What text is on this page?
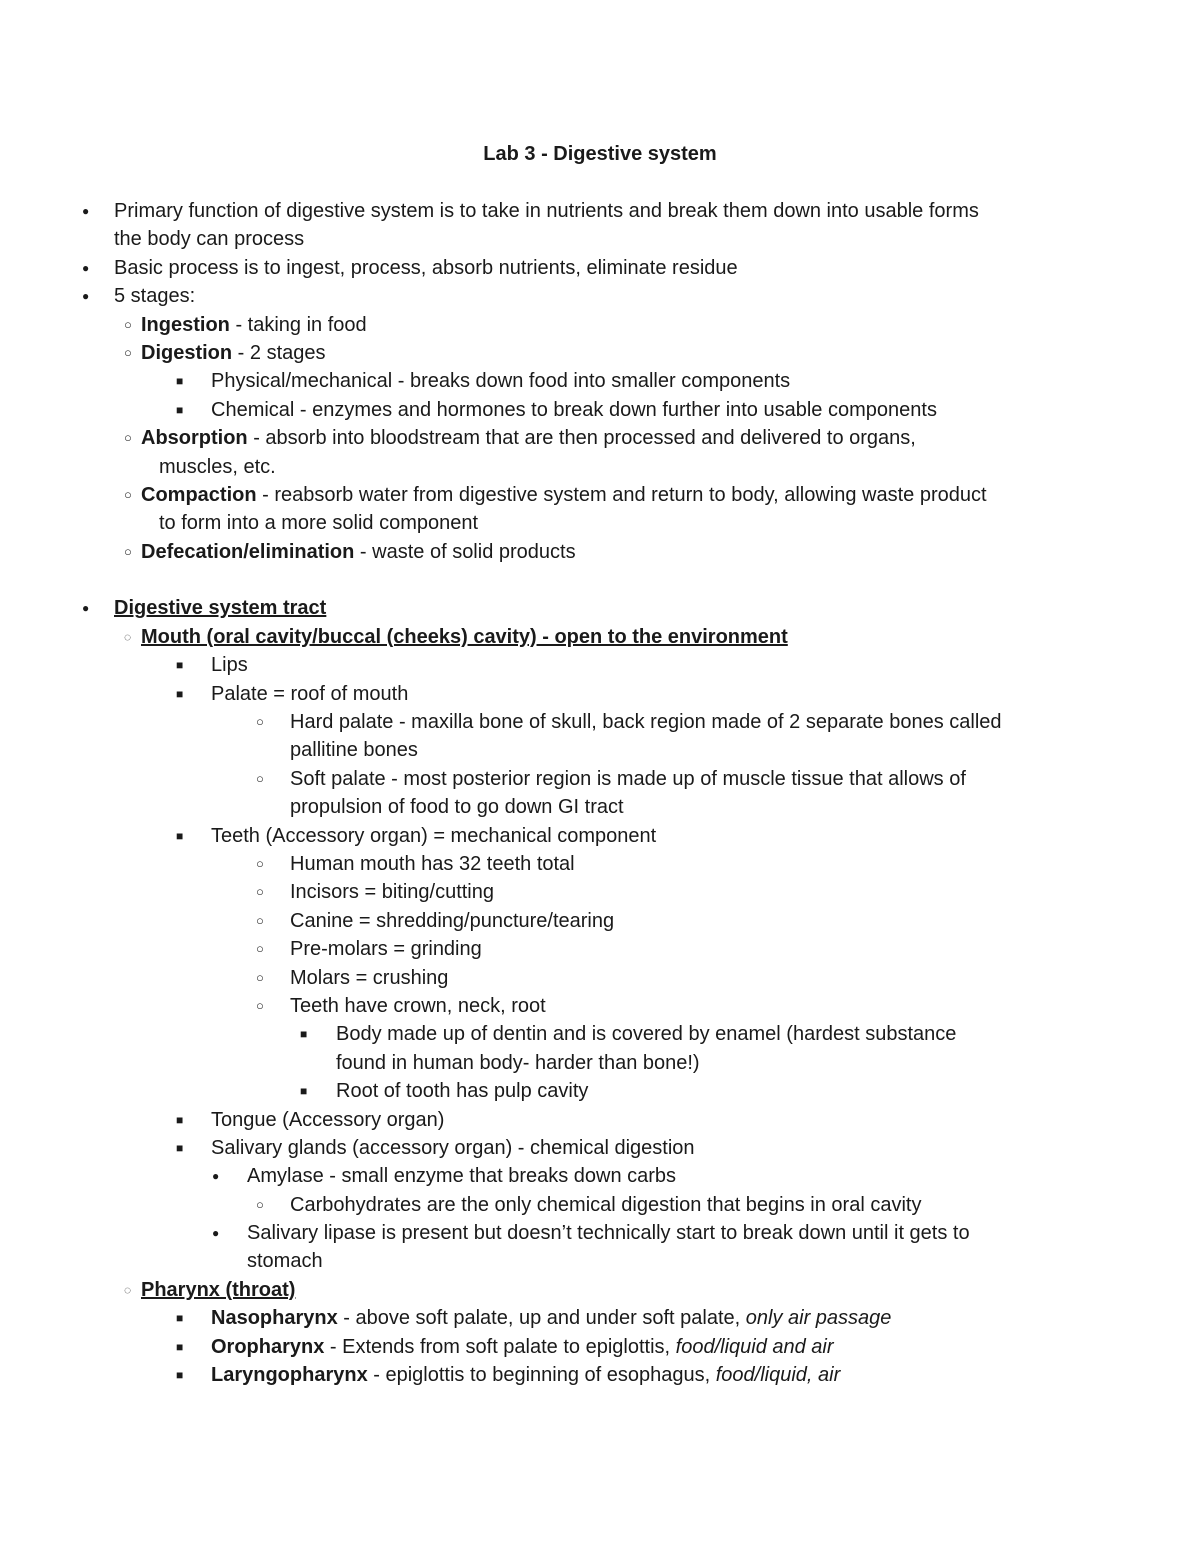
Lab 3 - Digestive system
●	Primary function of digestive system is to take in nutrients and break them down into usable forms
the body can process
●	Basic process is to ingest, process, absorb nutrients, eliminate residue
●	5 stages:
○ Ingestion - taking in food
○ Digestion - 2 stages
■	Physical/mechanical - breaks down food into smaller components
■	Chemical - enzymes and hormones to break down further into usable components
○ Absorption - absorb into bloodstream that are then processed and delivered to organs,
muscles, etc.
○ Compaction - reabsorb water from digestive system and return to body, allowing waste product
to form into a more solid component
○ Defecation/elimination - waste of solid products
●	Digestive system tract
◌ Mouth (oral cavity/buccal (cheeks) cavity) - open to the environment
■	Lips
■	Palate = roof of mouth
○	Hard palate - maxilla bone of skull, back region made of 2 separate bones called
pallitine bones
○	Soft palate - most posterior region is made up of muscle tissue that allows of
propulsion of food to go down GI tract
■	Teeth (Accessory organ) = mechanical component
○	Human mouth has 32 teeth total
○	Incisors = biting/cutting
○	Canine = shredding/puncture/tearing
○	Pre-molars = grinding
○	Molars = crushing
○	Teeth have crown, neck, root
■	Body made up of dentin and is covered by enamel (hardest substance
found in human body- harder than bone!)
■	Root of tooth has pulp cavity
■	Tongue (Accessory organ)
■	Salivary glands (accessory organ) - chemical digestion
●	Amylase - small enzyme that breaks down carbs
○	Carbohydrates are the only chemical digestion that begins in oral cavity
●	Salivary lipase is present but doesn’t technically start to break down until it gets to
stomach
◌ Pharynx (throat)
■	Nasopharynx - above soft palate, up and under soft palate, only air passage
■	Oropharynx - Extends from soft palate to epiglottis, food/liquid and air
■	Laryngopharynx - epiglottis to beginning of esophagus, food/liquid, air
